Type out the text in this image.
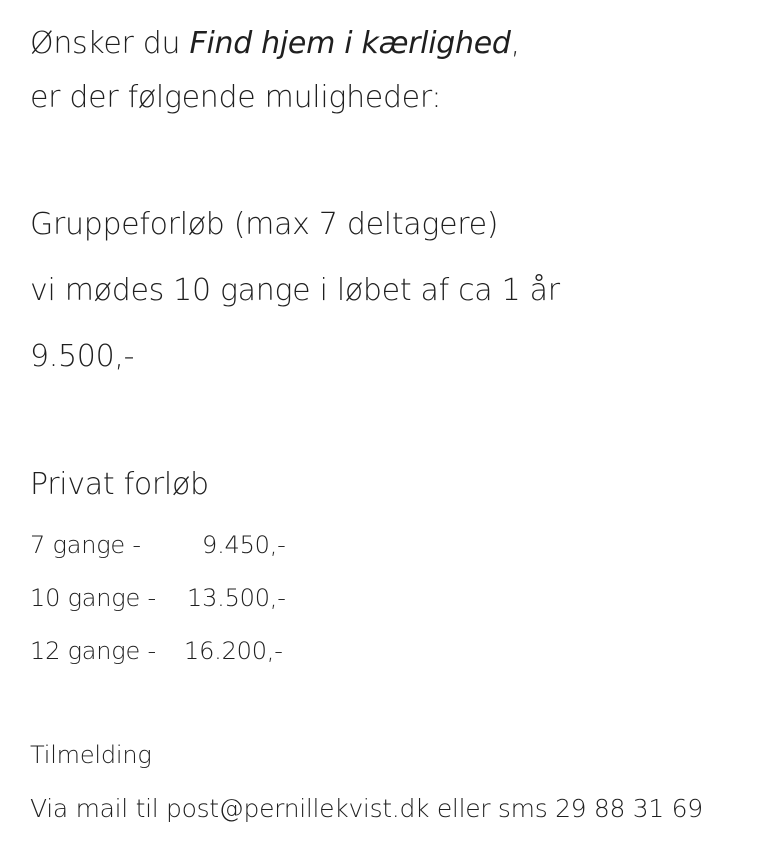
Ønsker du Find hjem i kærlighed,
er der følgende muligheder:
Gruppeforløb (max 7 deltagere)
vi mødes 10 gange i løbet af ca 1 år
9.500,-
Privat forløb
7 gange -	9.450,-
10 gange -	13.500,-
12 gange -	16.200,-
Tilmelding
Via mail til post@pernillekvist.dk eller sms 29 88 31 69
